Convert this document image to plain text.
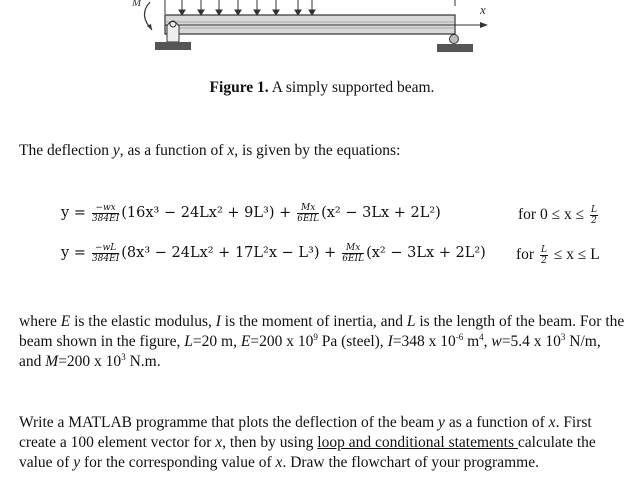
M	x
Figure 1. A simply supported beam.
The deflection y, as a function of x, is given by the equations:
$y = \frac{-wx}{384EI} (16x^3 - 24Lx^2 + 9L^3) + \frac{Mx}{\text{6EIL}} (x^2 - 3Lx + 2L^2)$	for $0 \le x \le \frac{L}{2}$
$y = \frac{-wL}{384EI} (8x^3 - 24Lx^2 + 17L^2x - L^3) + \frac{Mx}{\text{6EIL}} (x^2 - 3Lx + 2L^2)$ for $\frac{L}{2} \le x \le L$
where E is the elastic modulus, I is the moment of inertia, and L is the length of the beam. For the beam shown in the figure, L=20 m, E=200 x $10^9$ Pa (steel), I=348 x $10^{-6}$ $m^4$, w=5.4 x $10^3$ N/m, and M=200 x $10^3$ N.m.
Write a MATLAB programme that plots the deflection of the beam y as a function of x. First create a 100 element vector for x, then by using loop and conditional statements calculate the value of y for the corresponding value of x. Draw the flowchart of your programme.
